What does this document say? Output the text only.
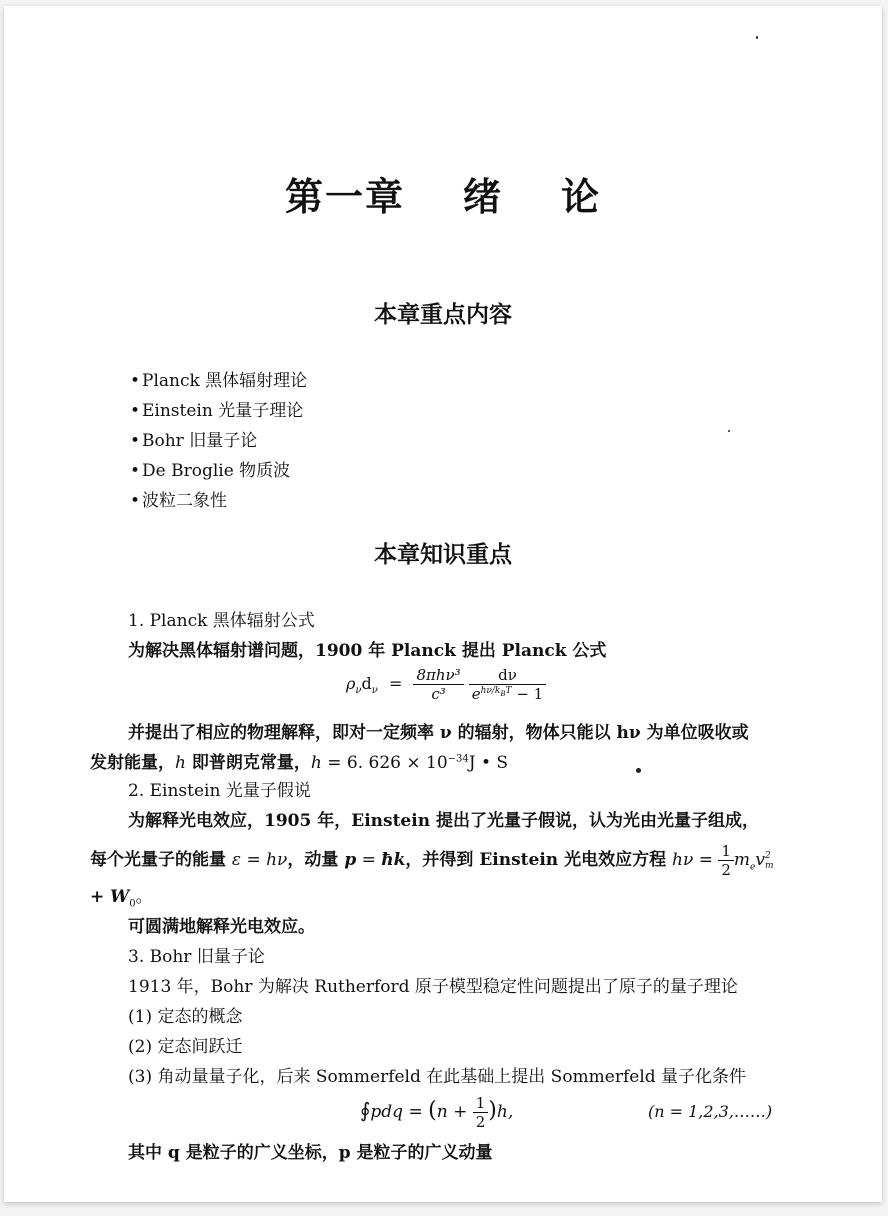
第一章 绪 论
本章重点内容
• Planck 黑体辐射理论
• Einstein 光量子理论
• Bohr 旧量子论
• De Broglie 物质波
• 波粒二象性
本章知识重点
1. Planck 黑体辐射公式
为解决黑体辐射谱问题，1900 年 Planck 提出 Planck 公式
$\rho_\nu d_\nu = \frac{\text{8πhν³}}{\text{c³}}$
$\frac{d\nu}{e^{h\nu/k_BT} - 1}$
并提出了相应的物理解释，即对一定频率 ν 的辐射，物体只能以 hν 为单位吸收或
发射能量，h 即普朗克常量，h = 6. $626 \times 10^{-34}J$ • S
2. Einstein 光量子假说
为解释光电效应，1905 年，Einstein 提出了光量子假说，认为光由光量子组成，
每个光量子的能量 ε = hν，动量 p = ħk，并得到 Einstein 光电效应方程 $h\nu = \frac{1}{2} m_ev$ 2
m
+ $W_0$。
可圆满地解释光电效应。
3. Bohr 旧量子论
1913 年，Bohr 为解决 Rutherford 原子模型稳定性问题提出了原子的量子理论
(1) 定态的概念
(2) 定态间跃迁
(3) 角动量量子化，后来 Sommerfeld 在此基础上提出 Sommerfeld 量子化条件
∮pdq = $(n + \frac{1}{2} )h$,	(n = 1,2,3,……)
其中 q 是粒子的广义坐标，p 是粒子的广义动量
